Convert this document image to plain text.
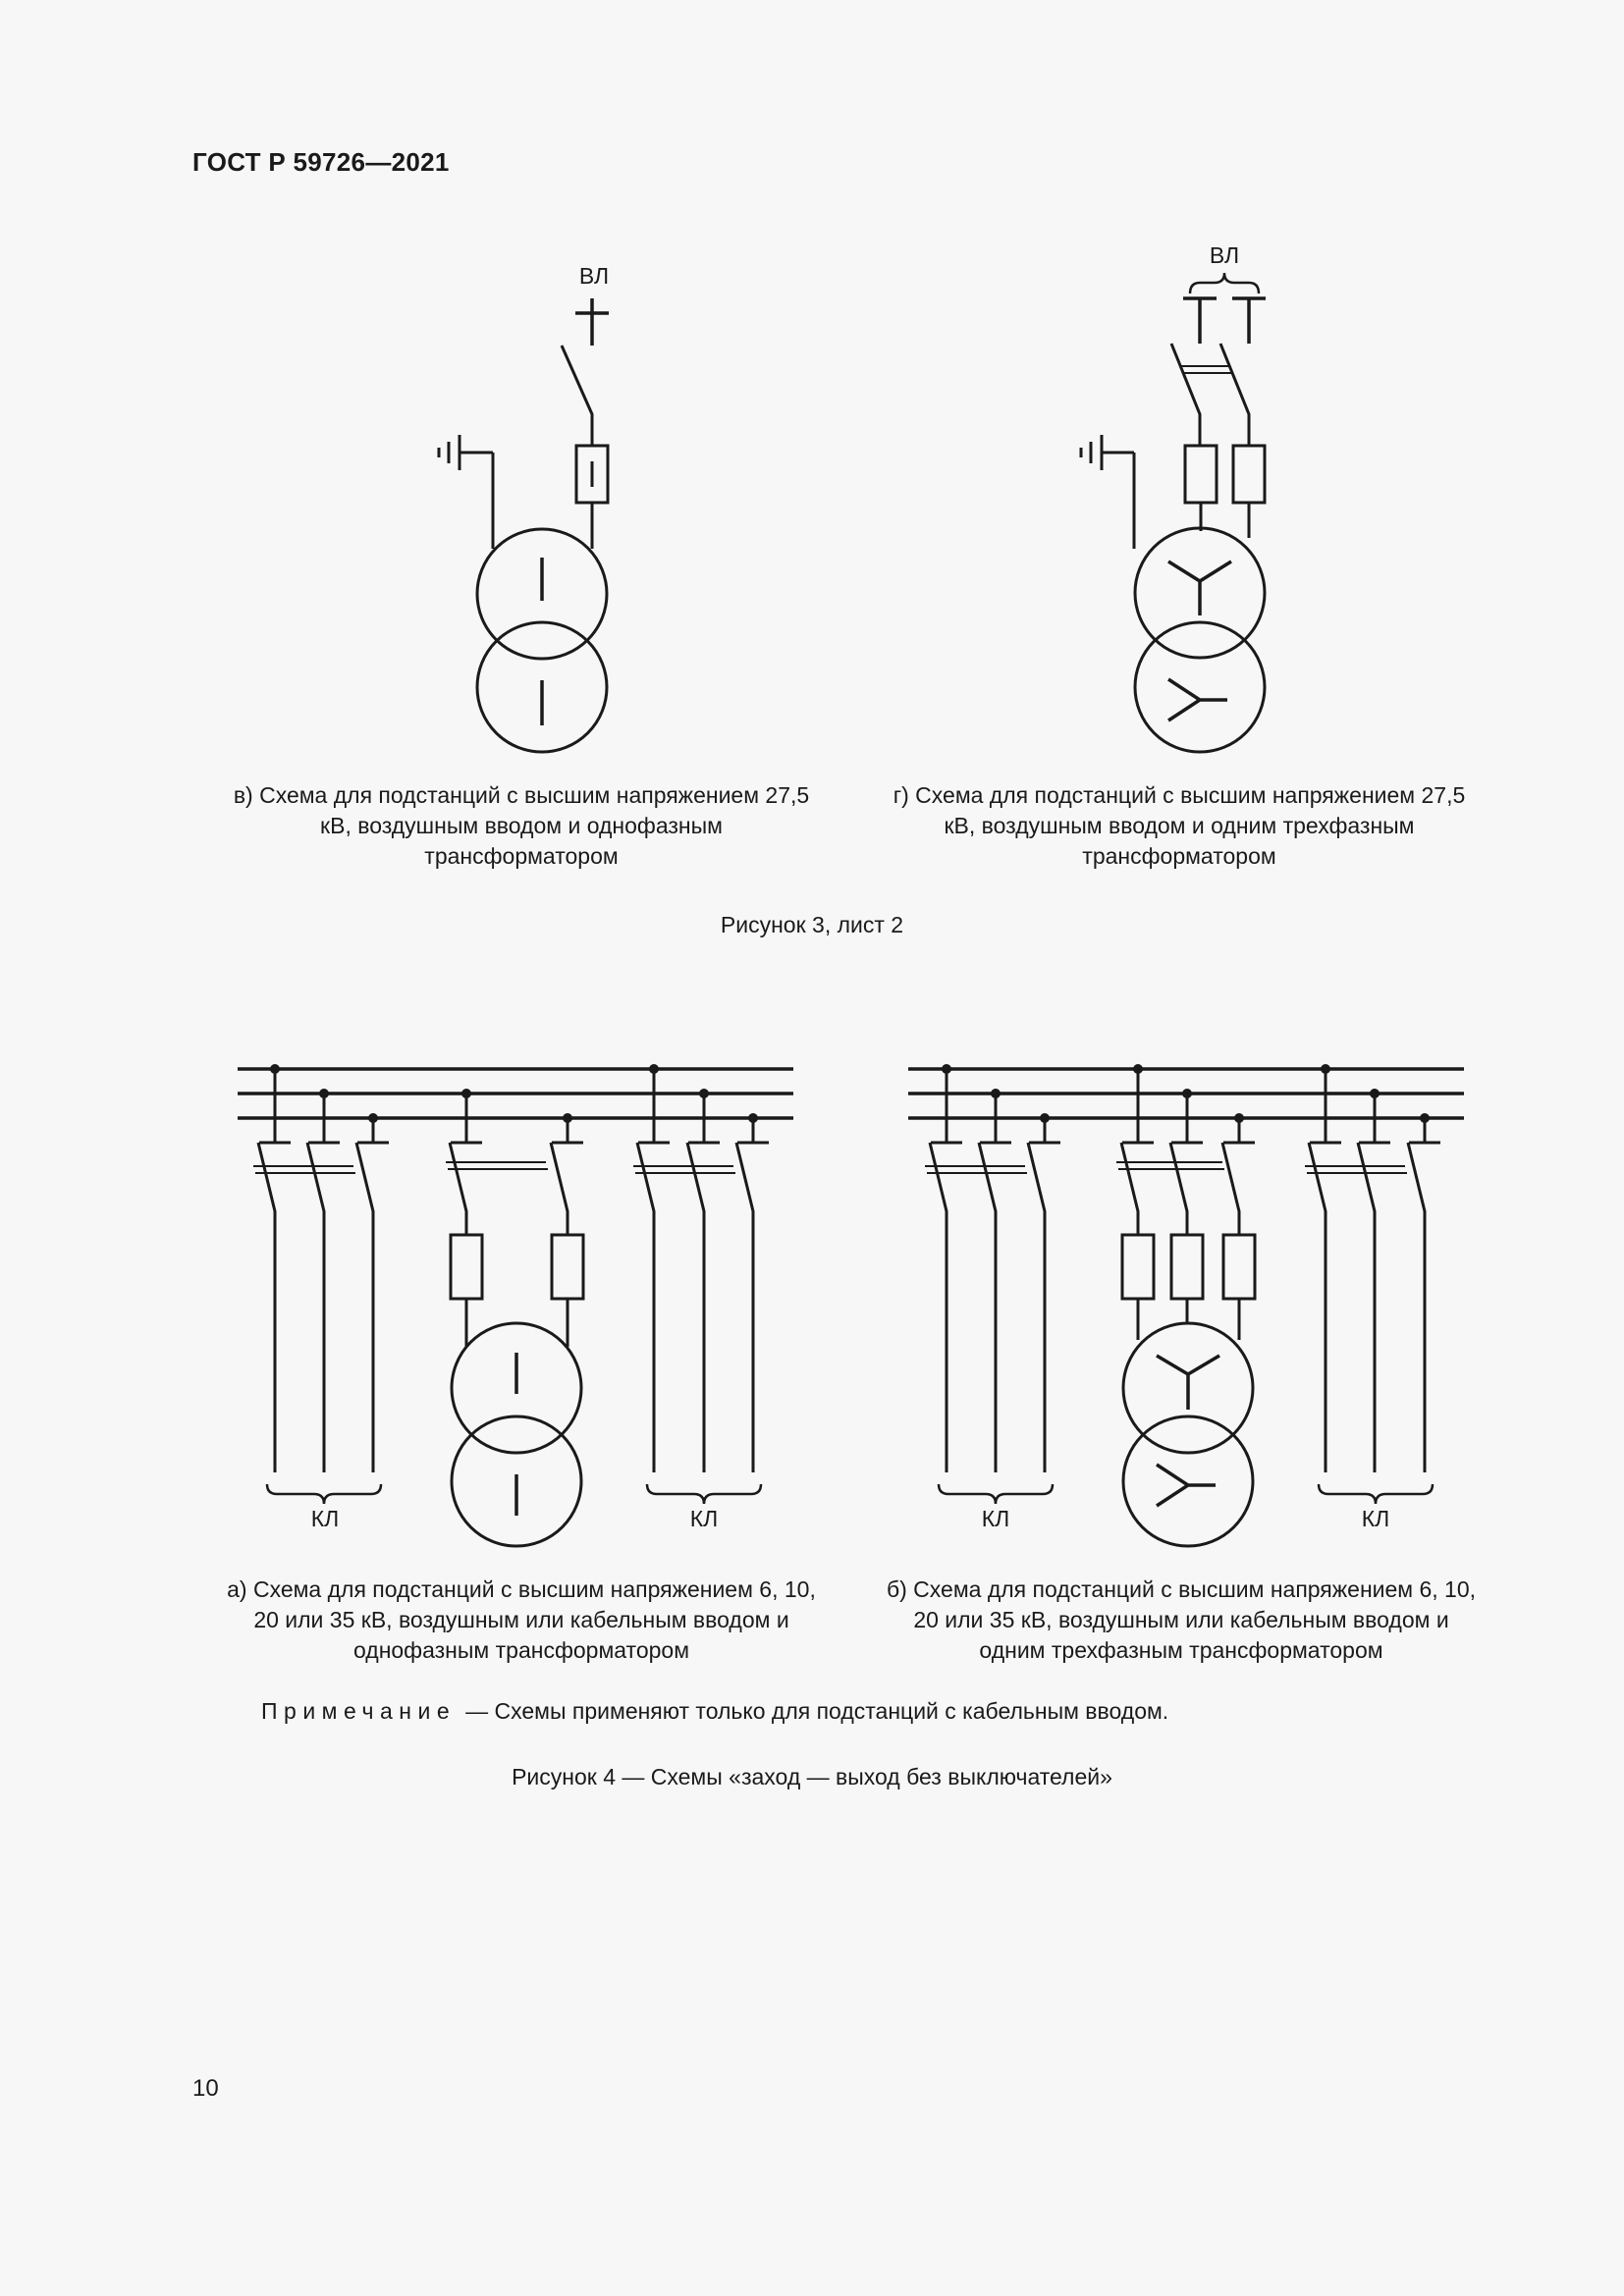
ГОСТ Р 59726—2021
ВЛ
ВЛ
КЛ	КЛ	КЛ	КЛ
в) Схема для подстанций с высшим напряжением 27,5 кВ, воздушным вводом и однофазным трансформатором
г) Схема для подстанций с высшим напряжением 27,5 кВ, воздушным вводом и одним трехфазным трансформатором
Рисунок 3, лист 2
а) Схема для подстанций с высшим напряжением 6, 10, 20 или 35 кВ, воздушным или кабельным вводом и однофазным трансформатором
б) Схема для подстанций с высшим напряжением 6, 10, 20 или 35 кВ, воздушным или кабельным вводом и одним трехфазным трансформатором
Примечание — Схемы применяют только для подстанций с кабельным вводом.
Рисунок 4 — Схемы «заход — выход без выключателей»
10
